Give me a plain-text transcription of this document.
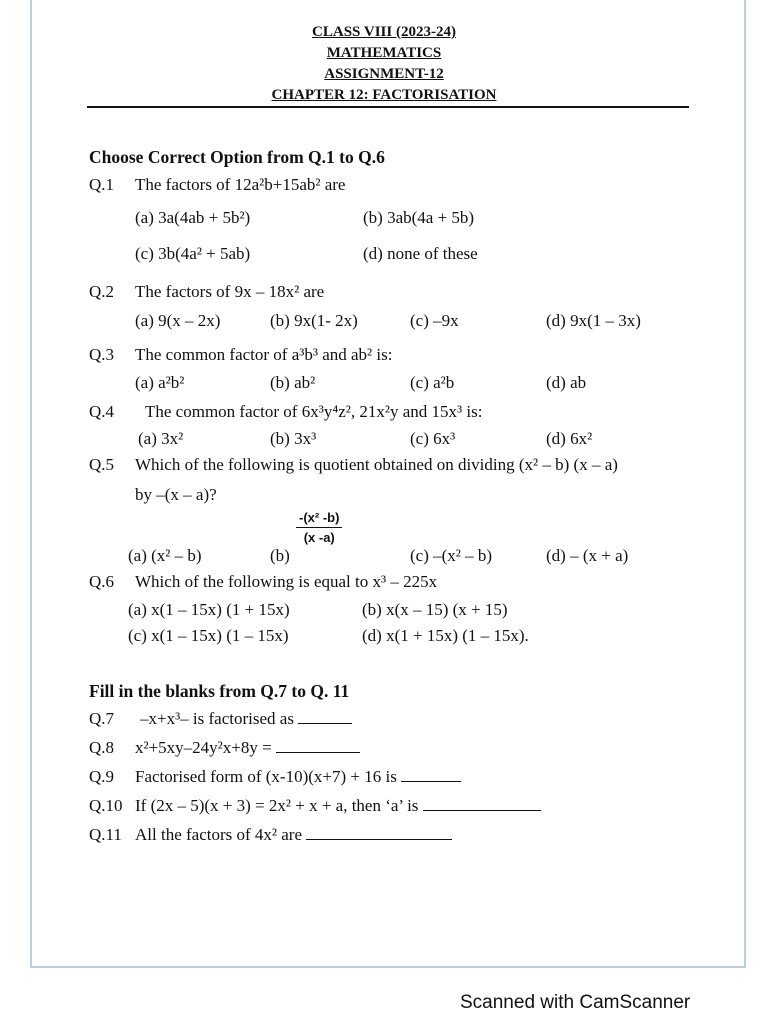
CLASS VIII (2023-24)
MATHEMATICS
ASSIGNMENT-12
CHAPTER 12: FACTORISATION
Choose Correct Option from Q.1 to Q.6
Q.1 The factors of 12a²b+15ab² are
(a) 3a(4ab + 5b²)	(b) 3ab(4a + 5b)
(c) 3b(4a² + 5ab)	(d) none of these
Q.2 The factors of 9x – 18x² are
(a) 9(x – 2x)	(b) 9x(1- 2x)	(c) –9x	(d) 9x(1 – 3x)
Q.3 The common factor of a³b³ and ab² is:
(a) a²b²	(b) ab²	(c) a²b	(d) ab
Q.4 The common factor of 6x³y⁴z², 21x²y and 15x³ is:
(a) 3x²	(b) 3x³	(c) 6x³	(d) 6x²
Q.5 Which of the following is quotient obtained on dividing (x² – b) (x – a)
by –(x – a)?
$\frac{\text{-(x² -b)}}{(x -a)}$
(a) (x² – b)	(b)	(c) –(x² – b)	(d) – (x + a)
Q.6 Which of the following is equal to x³ – 225x
(a) x(1 – 15x) (1 + 15x)	(b) x(x – 15) (x + 15)
(c) x(1 – 15x) (1 – 15x)	(d) x(1 + 15x) (1 – 15x).
Fill in the blanks from Q.7 to Q. 11
Q.7 –x+x³– is factorised as
Q.8 x²+5xy–24y²x+8y =
Q.9 Factorised form of (x-10)(x+7) + 16 is
Q.10 If (2x – 5)(x + 3) = 2x² + x + a, then ‘a’ is
Q.11 All the factors of 4x² are
Scanned with CamScanner
